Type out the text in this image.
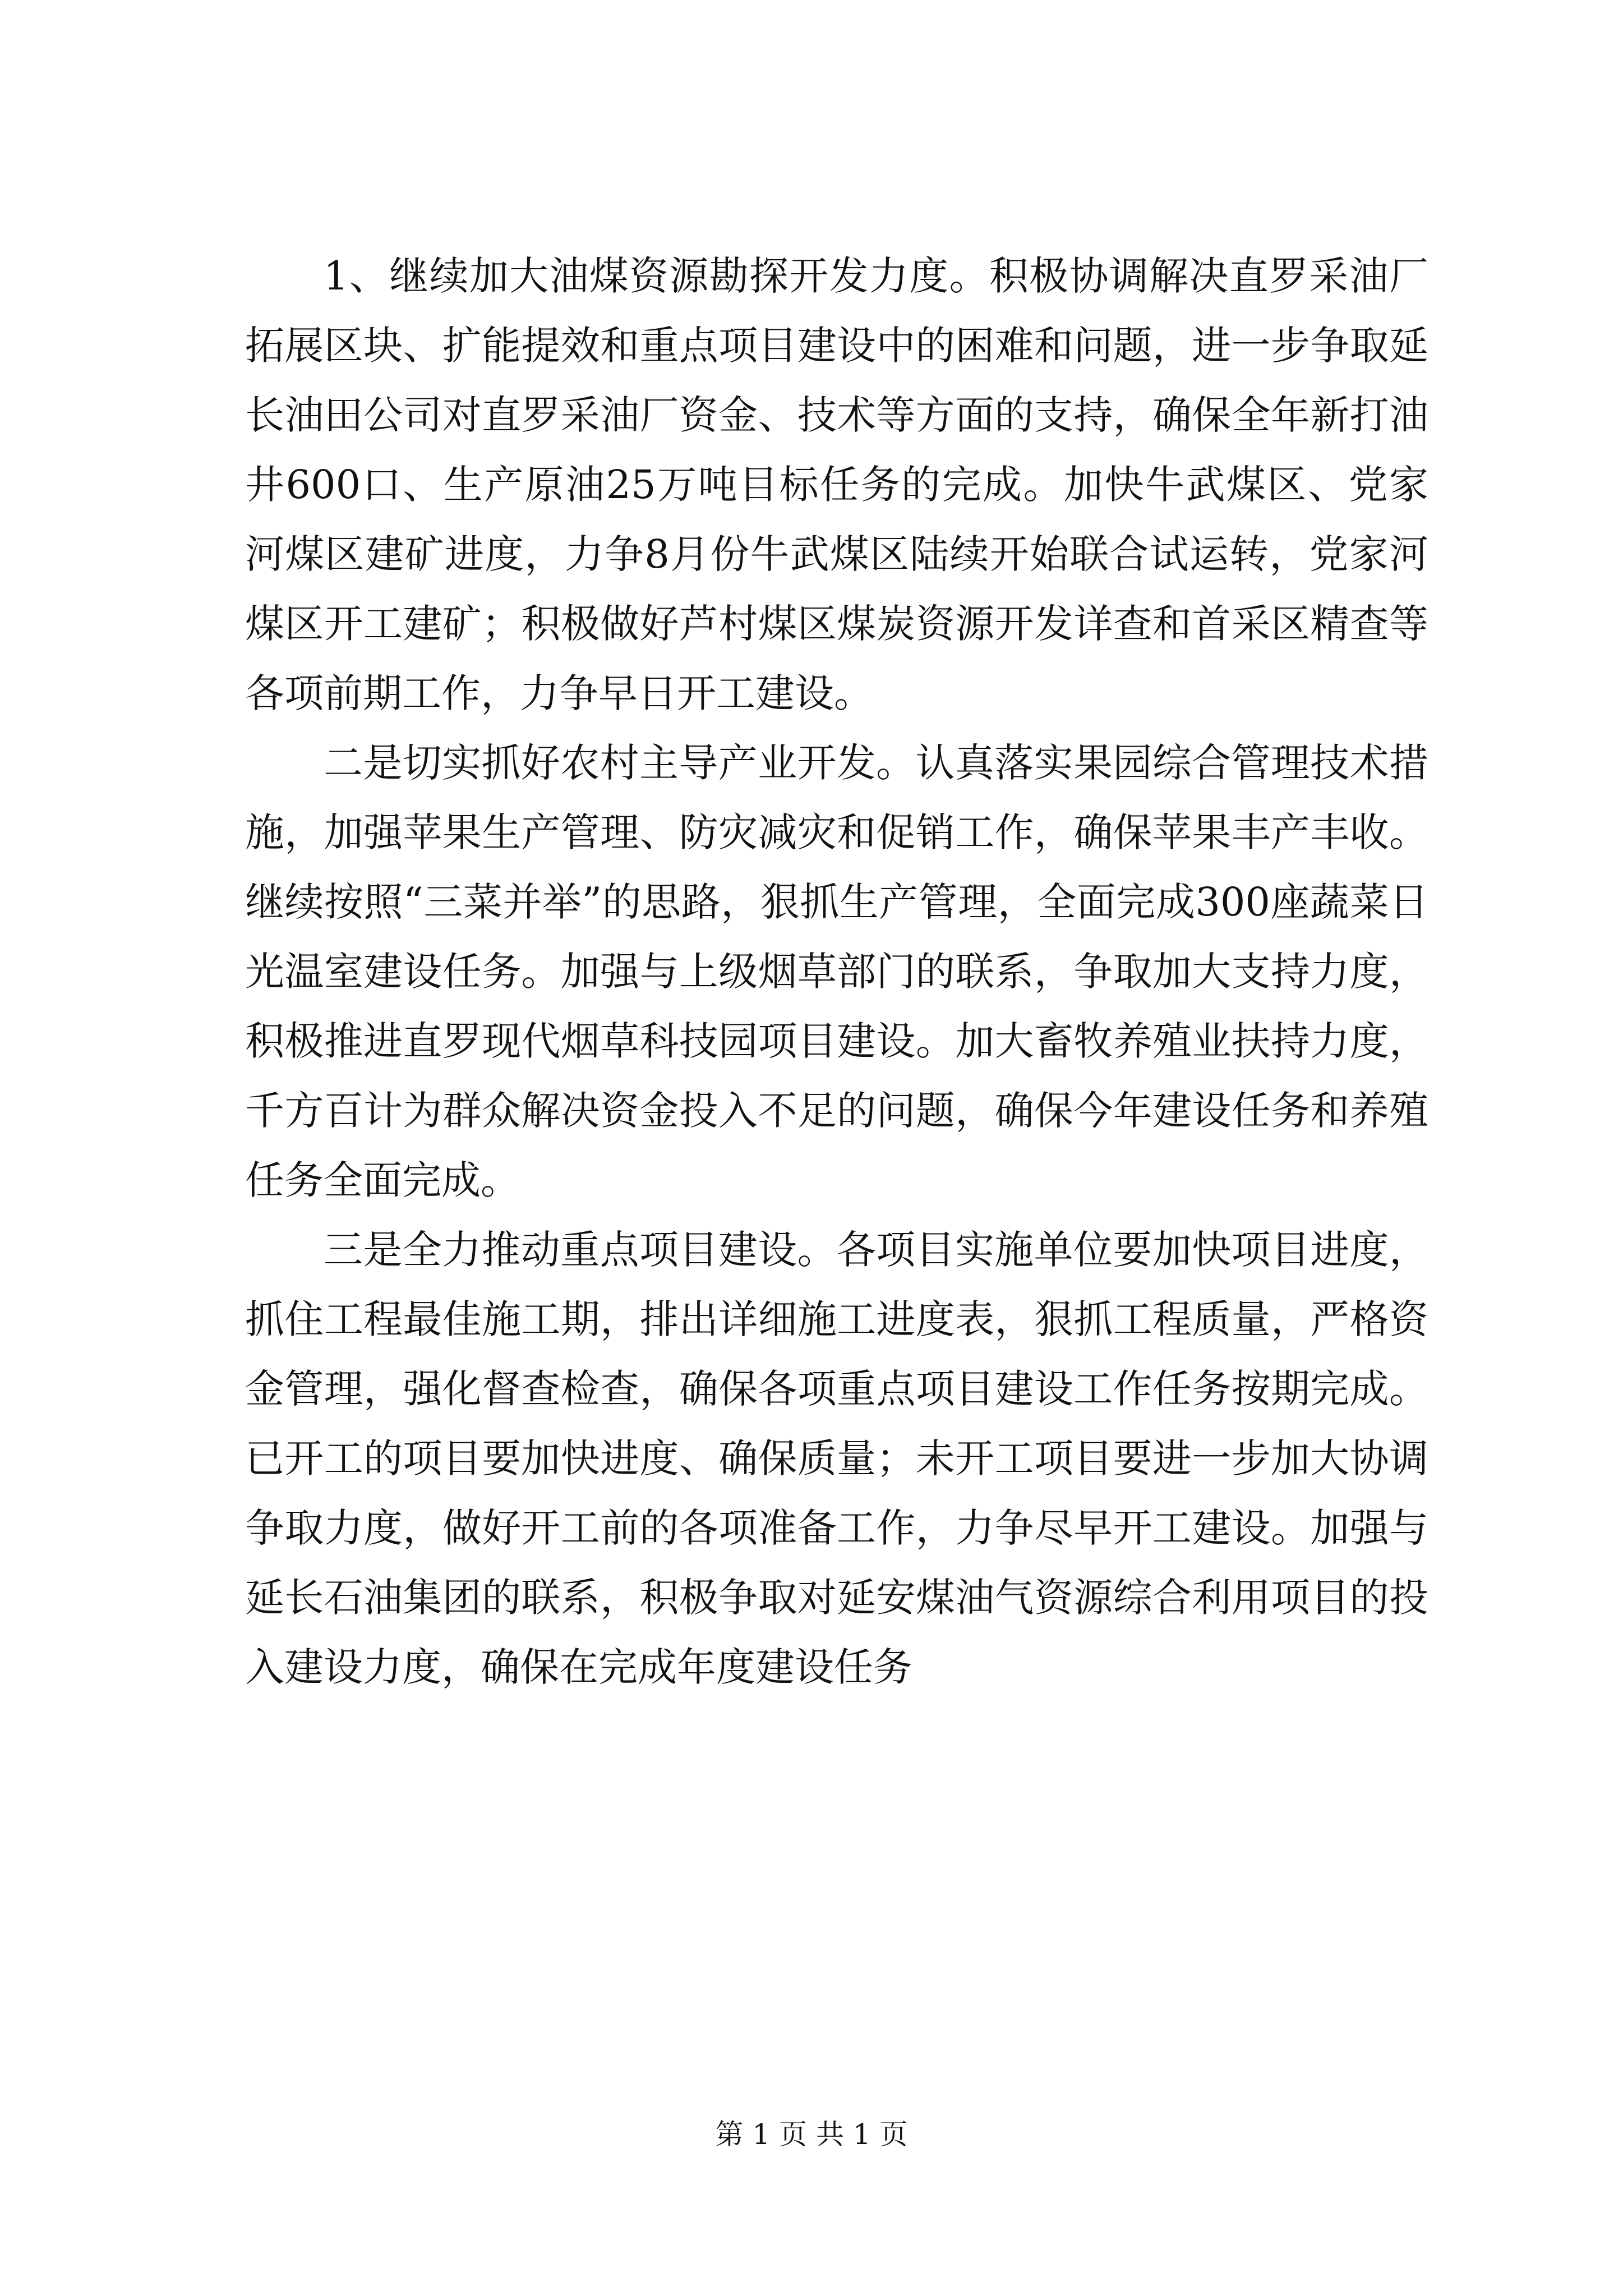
1、继续加大油煤资源勘探开发力度。积极协调解决直罗采油厂拓展区块、扩能提效和重点项目建设中的困难和问题，进一步争取延长油田公司对直罗采油厂资金、技术等方面的支持，确保全年新打油井600口、生产原油25万吨目标任务的完成。加快牛武煤区、党家河煤区建矿进度，力争8月份牛武煤区陆续开始联合试运转，党家河煤区开工建矿；积极做好芦村煤区煤炭资源开发详查和首采区精查等各项前期工作，力争早日开工建设。

二是切实抓好农村主导产业开发。认真落实果园综合管理技术措施，加强苹果生产管理、防灾减灾和促销工作，确保苹果丰产丰收。继续按照“三菜并举”的思路，狠抓生产管理，全面完成300座蔬菜日光温室建设任务。加强与上级烟草部门的联系，争取加大支持力度，积极推进直罗现代烟草科技园项目建设。加大畜牧养殖业扶持力度，千方百计为群众解决资金投入不足的问题，确保今年建设任务和养殖任务全面完成。

三是全力推动重点项目建设。各项目实施单位要加快项目进度，抓住工程最佳施工期，排出详细施工进度表，狠抓工程质量，严格资金管理，强化督查检查，确保各项重点项目建设工作任务按期完成。已开工的项目要加快进度、确保质量；未开工项目要进一步加大协调争取力度，做好开工前的各项准备工作，力争尽早开工建设。加强与延长石油集团的联系，积极争取对延安煤油气资源综合利用项目的投入建设力度，确保在完成年度建设任务

第 1 页 共 1 页
